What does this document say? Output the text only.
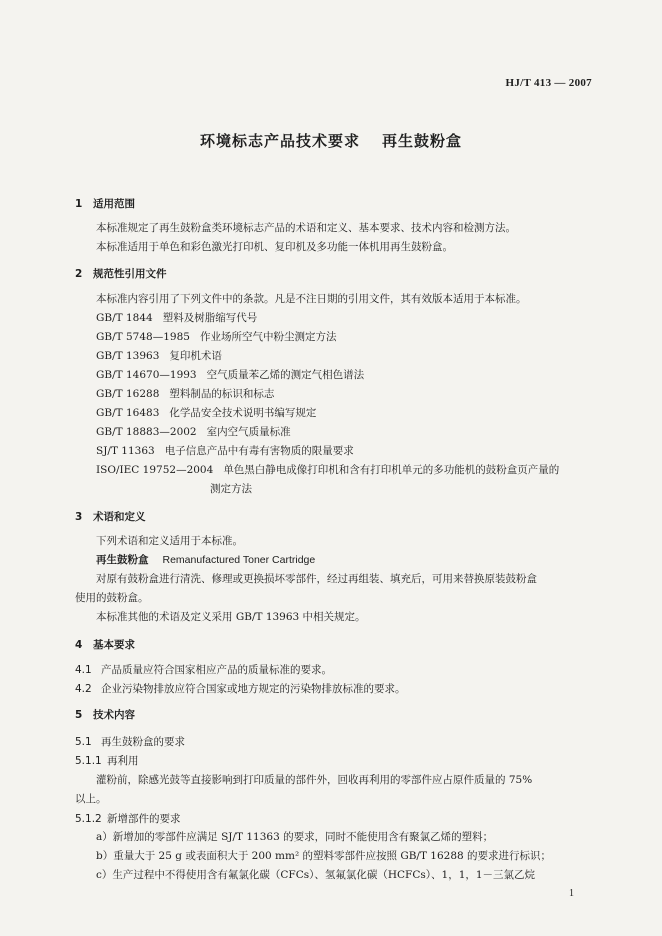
HJ/T 413 — 2007
环境标志产品技术要求 再生鼓粉盒
1 适用范围
本标准规定了再生鼓粉盒类环境标志产品的术语和定义、基本要求、技术内容和检测方法。
本标准适用于单色和彩色激光打印机、复印机及多功能一体机用再生鼓粉盒。
2 规范性引用文件
本标准内容引用了下列文件中的条款。凡是不注日期的引用文件，其有效版本适用于本标准。
GB/T 1844 塑料及树脂缩写代号
GB/T 5748—1985 作业场所空气中粉尘测定方法
GB/T 13963 复印机术语
GB/T 14670—1993 空气质量苯乙烯的测定气相色谱法
GB/T 16288 塑料制品的标识和标志
GB/T 16483 化学品安全技术说明书编写规定
GB/T 18883—2002 室内空气质量标准
SJ/T 11363 电子信息产品中有毒有害物质的限量要求
ISO/IEC 19752—2004 单色黑白静电成像打印机和含有打印机单元的多功能机的鼓粉盒页产量的
测定方法
3 术语和定义
下列术语和定义适用于本标准。
再生鼓粉盒 Remanufactured Toner Cartridge
对原有鼓粉盒进行清洗、修理或更换损坏零部件，经过再组装、填充后，可用来替换原装鼓粉盒
使用的鼓粉盒。
本标准其他的术语及定义采用 GB/T 13963 中相关规定。
4 基本要求
4.1 产品质量应符合国家相应产品的质量标准的要求。
4.2 企业污染物排放应符合国家或地方规定的污染物排放标准的要求。
5 技术内容
5.1 再生鼓粉盒的要求
5.1.1 再利用
灌粉前，除感光鼓等直接影响到打印质量的部件外，回收再利用的零部件应占原件质量的 75%
以上。
5.1.2 新增部件的要求
a）新增加的零部件应满足 SJ/T 11363 的要求，同时不能使用含有聚氯乙烯的塑料；
b）重量大于 25 g 或表面积大于 200 mm² 的塑料零部件应按照 GB/T 16288 的要求进行标识；
c）生产过程中不得使用含有氟氯化碳（CFCs）、氢氟氯化碳（HCFCs）、1，1，1－三氯乙烷
1
